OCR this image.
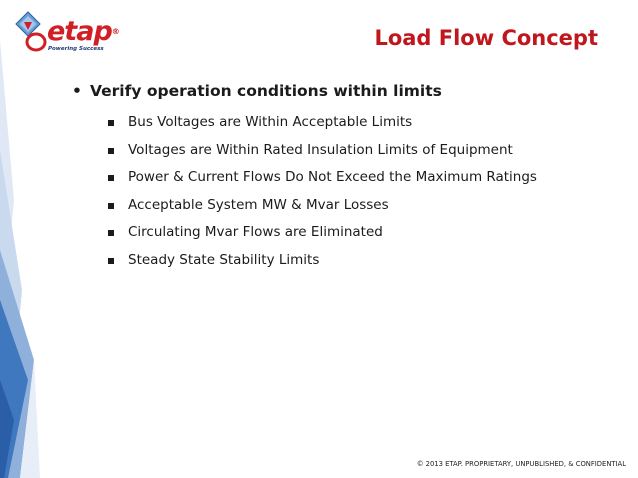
etap®
Powering Success	Load Flow Concept
• Verify operation conditions within limits
Bus Voltages are Within Acceptable Limits
Voltages are Within Rated Insulation Limits of Equipment
Power & Current Flows Do Not Exceed the Maximum Ratings
Acceptable System MW & Mvar Losses
Circulating Mvar Flows are Eliminated
Steady State Stability Limits
© 2013 ETAP. PROPRIETARY, UNPUBLISHED, & CONFIDENTIAL
